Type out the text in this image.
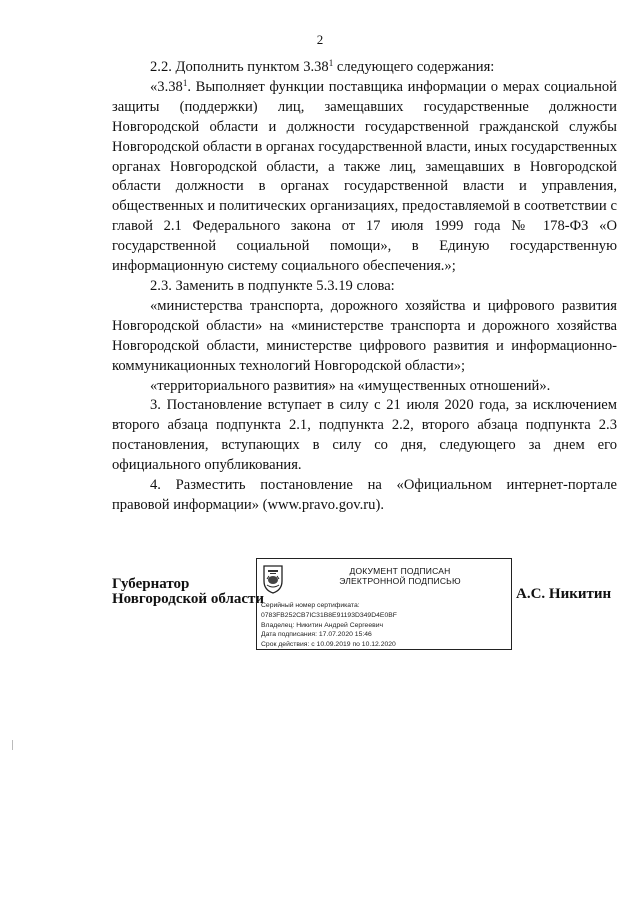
2

2.2. Дополнить пунктом 3.38$^1$ следующего содержания:

«3.38$^1$. Выполняет функции поставщика информации о мерах социальной защиты (поддержки) лиц, замещавших государственные должности Новгородской области и должности государственной гражданской службы Новгородской области в органах государственной власти, иных государственных органах Новгородской области, а также лиц, замещавших в Новгородской области должности в органах государственной власти и управления, общественных и политических организациях, предоставляемой в соответствии с главой 2.1 Федерального закона от 17 июля 1999 года № 178-ФЗ «О государственной социальной помощи», в Единую государственную информационную систему социального обеспечения.»;

2.3. Заменить в подпункте 5.3.19 слова:

«министерства транспорта, дорожного хозяйства и цифрового развития Новгородской области» на «министерстве транспорта и дорожного хозяйства Новгородской области, министерстве цифрового развития и информационно-коммуникационных технологий Новгородской области»;

«территориального развития» на «имущественных отношений».

3. Постановление вступает в силу с 21 июля 2020 года, за исключением второго абзаца подпункта 2.1, подпункта 2.2, второго абзаца подпункта 2.3 постановления, вступающих в силу со дня, следующего за днем его официального опубликования.

4. Разместить постановление на «Официальном интернет-портале правовой информации» (www.pravo.gov.ru).

Губернатор
Новгородской области
ДОКУМЕНТ ПОДПИСАН
ЭЛЕКТРОННОЙ ПОДПИСЬЮ
Серийный номер сертификата:
0783FB252CB7IC31B8E91193D349D4E0BF
Владелец: Никитин Андрей Сергеевич
Дата подписания: 17.07.2020 15:46
Срок действия: с 10.09.2019 по 10.12.2020
А.С. Никитин
